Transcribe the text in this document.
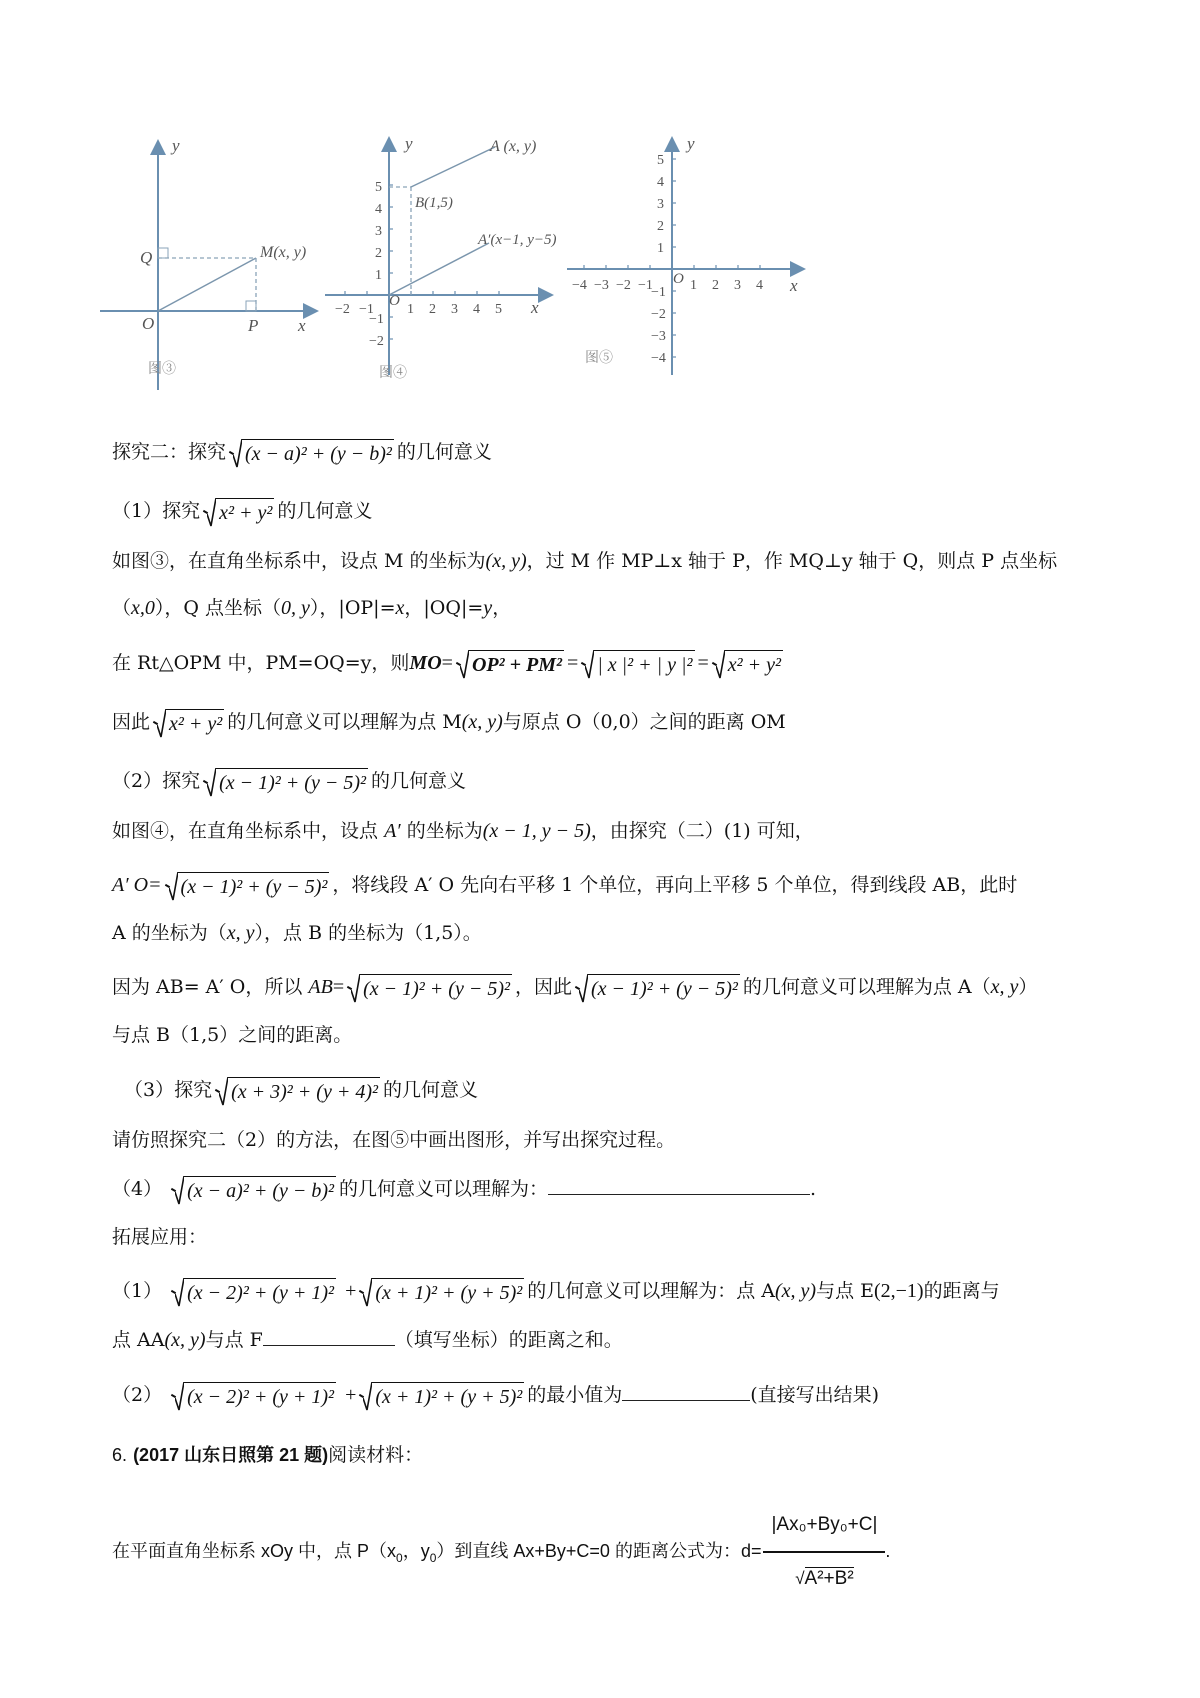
y
x
O
M(x, y)
Q
P
图③
y
x
O
A (x, y)
B(1,5)
A′(x−1, y−5)
−2 −1 1 2 3 4 5
5
4
3
2
1
−1
−2
图④
y
x
O
−4 −3 −2 −1	1 2 3 4
5
4
3
2
1
−1
−2
−3
−4
图⑤
探究二：探究 (x − a)² + (y − b)² 的几何意义
（1）探究 x² + y² 的几何意义
如图③，在直角坐标系中，设点 M 的坐标为(x, y)，过 M 作 MP⊥x 轴于 P，作 MQ⊥y 轴于 Q，则点 P 点坐标
（x,0），Q 点坐标（0, y），|OP|=x，|OQ|=y，
在 Rt△OPM 中，PM=OQ=y，则MO= OP² + PM² = | x |² + | y |² = x² + y²
因此 x² + y² 的几何意义可以理解为点 M(x, y)与原点 O（0,0）之间的距离 OM
（2）探究 (x − 1)² + (y − 5)² 的几何意义
如图④，在直角坐标系中，设点 A′ 的坐标为(x − 1, y − 5)，由探究（二）(1) 可知，
A′ O= (x − 1)² + (y − 5)² ，将线段 A′ O 先向右平移 1 个单位，再向上平移 5 个单位，得到线段 AB，此时
A 的坐标为（x, y），点 B 的坐标为（1,5）。
因为 AB= A′ O，所以 AB= (x − 1)² + (y − 5)² ，因此 (x − 1)² + (y − 5)² 的几何意义可以理解为点 A（x, y）
与点 B（1,5）之间的距离。
（3）探究 (x + 3)² + (y + 4)² 的几何意义
请仿照探究二（2）的方法，在图⑤中画出图形，并写出探究过程。
（4） (x − a)² + (y − b)² 的几何意义可以理解为：	.
拓展应用：
（1） (x − 2)² + (y + 1)² + (x + 1)² + (y + 5)² 的几何意义可以理解为：点 A(x, y)与点 E(2,−1)的距离与
点 AA(x, y)与点 F	（填写坐标）的距离之和。
（2） (x − 2)² + (y + 1)² + (x + 1)² + (y + 5)² 的最小值为	(直接写出结果)
6. (2017 山东日照第 21 题)阅读材料：
在平面直角坐标系 xOy 中，点 $P(x_0$，$y_0$）到直线 Ax+By+C=0 的距离公式为：$d= \frac{\text{|Ax₀+By₀+C|}}{\text{√A²+B²}}$ .
